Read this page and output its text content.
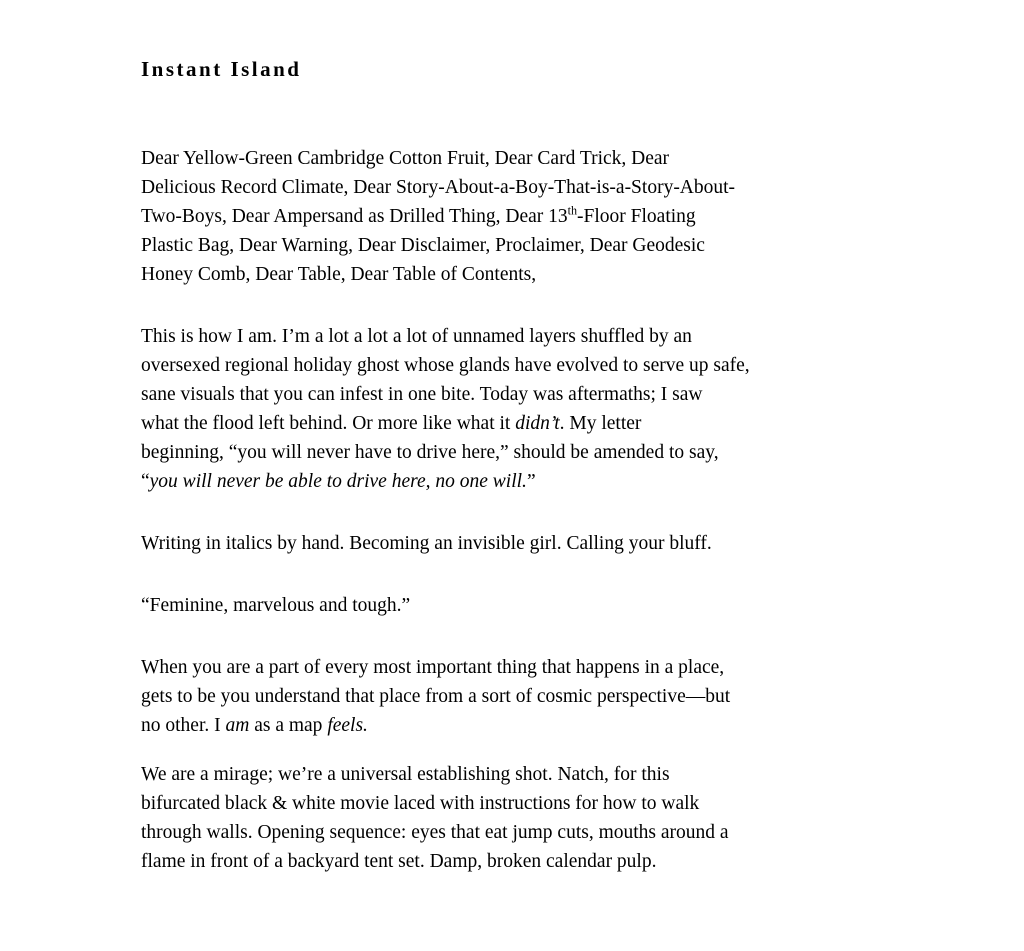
Instant Island

Dear Yellow-Green Cambridge Cotton Fruit, Dear Card Trick, Dear
Delicious Record Climate, Dear Story-About-a-Boy-That-is-a-Story-About-
Two-Boys, Dear Ampersand as Drilled Thing, Dear 13th-Floor Floating
Plastic Bag, Dear Warning, Dear Disclaimer, Proclaimer, Dear Geodesic
Honey Comb, Dear Table, Dear Table of Contents,

This is how I am. I’m a lot a lot a lot of unnamed layers shuffled by an
oversexed regional holiday ghost whose glands have evolved to serve up safe,
sane visuals that you can infest in one bite. Today was aftermaths; I saw
what the flood left behind. Or more like what it didn’t. My letter
beginning, “you will never have to drive here,” should be amended to say,
“you will never be able to drive here, no one will.”

Writing in italics by hand. Becoming an invisible girl. Calling your bluff.

“Feminine, marvelous and tough.”

When you are a part of every most important thing that happens in a place,
gets to be you understand that place from a sort of cosmic perspective—but
no other. I am as a map feels.

We are a mirage; we’re a universal establishing shot. Natch, for this
bifurcated black & white movie laced with instructions for how to walk
through walls. Opening sequence: eyes that eat jump cuts, mouths around a
flame in front of a backyard tent set. Damp, broken calendar pulp.
